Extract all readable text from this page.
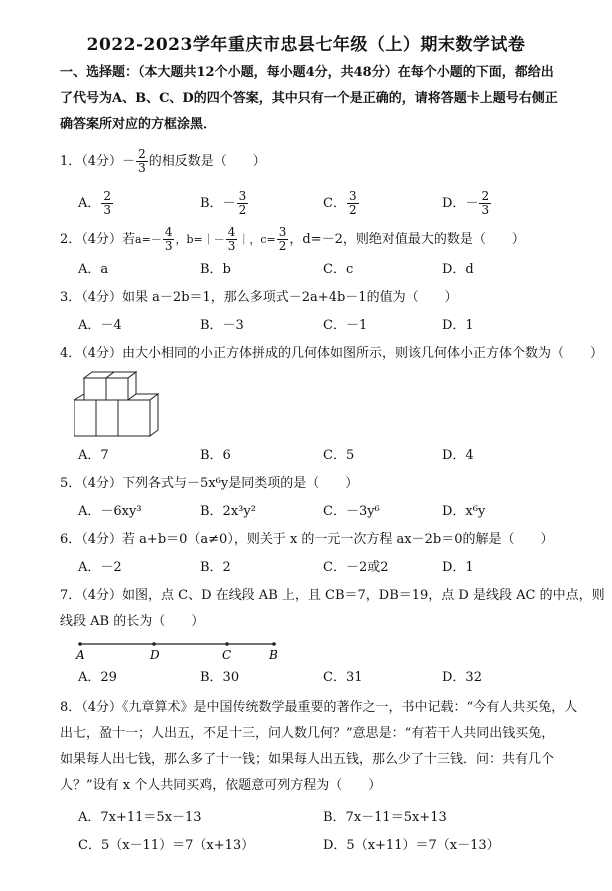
2022-2023学年重庆市忠县七年级（上）期末数学试卷
一、选择题：（本大题共12个小题，每小题4分，共48分）在每个小题的下面，都给出了代号为A、B、C、D的四个答案，其中只有一个是正确的，请将答题卡上题号右侧正确答案所对应的方框涂黑．
1．（4分）－ $\frac{2}{3}$ 的相反数是（　　）
A． $\frac{2}{3}$	B．－ $\frac{3}{2}$	C． $\frac{3}{2}$	D．－ $\frac{2}{3}$
2．（4分）若$a=- \frac{4}{3}$ ，b=｜－ $\frac{4}{3}$ ｜，$c= \frac{3}{2}$ ，d=－2，则绝对值最大的数是（　　）
A．a	B．b	C．c	D．d
3．（4分）如果 a－2b＝1，那么多项式－2a+4b－1的值为（　　）
A．－4	B．－3	C．－1	D．1
4．（4分）由大小相同的小正方体拼成的几何体如图所示，则该几何体小正方体个数为（　　）
A．7	B．6	C．5	D．4
5．（4分）下列各式与－5x⁶y是同类项的是（　　）
A．－6xy³	B．2x³y²	C．－3y⁶	D．x⁶y
6．（4分）若 a+b＝0（a≠0），则关于 x 的一元一次方程 ax－2b＝0的解是（　　）
A．－2	B．2	C．－2或2	D．1
7．（4分）如图，点 C、D 在线段 AB 上，且 CB＝7，DB＝19，点 D 是线段 AC 的中点，则
线段 AB 的长为（　　）
A	D	C	B
A．29	B．30	C．31	D．32
8．（4分）《九章算术》是中国传统数学最重要的著作之一，书中记载：“今有人共买兔，人
出七，盈十一；人出五，不足十三，问人数几何？”意思是：“有若干人共同出钱买兔，
如果每人出七钱，那么多了十一钱；如果每人出五钱，那么少了十三钱．问：共有几个
人？”设有 x 个人共同买鸡，依题意可列方程为（　　）
A．7x+11＝5x－13	B．7x－11＝5x+13
C．5（x－11）＝7（x+13）	D．5（x+11）＝7（x－13）
